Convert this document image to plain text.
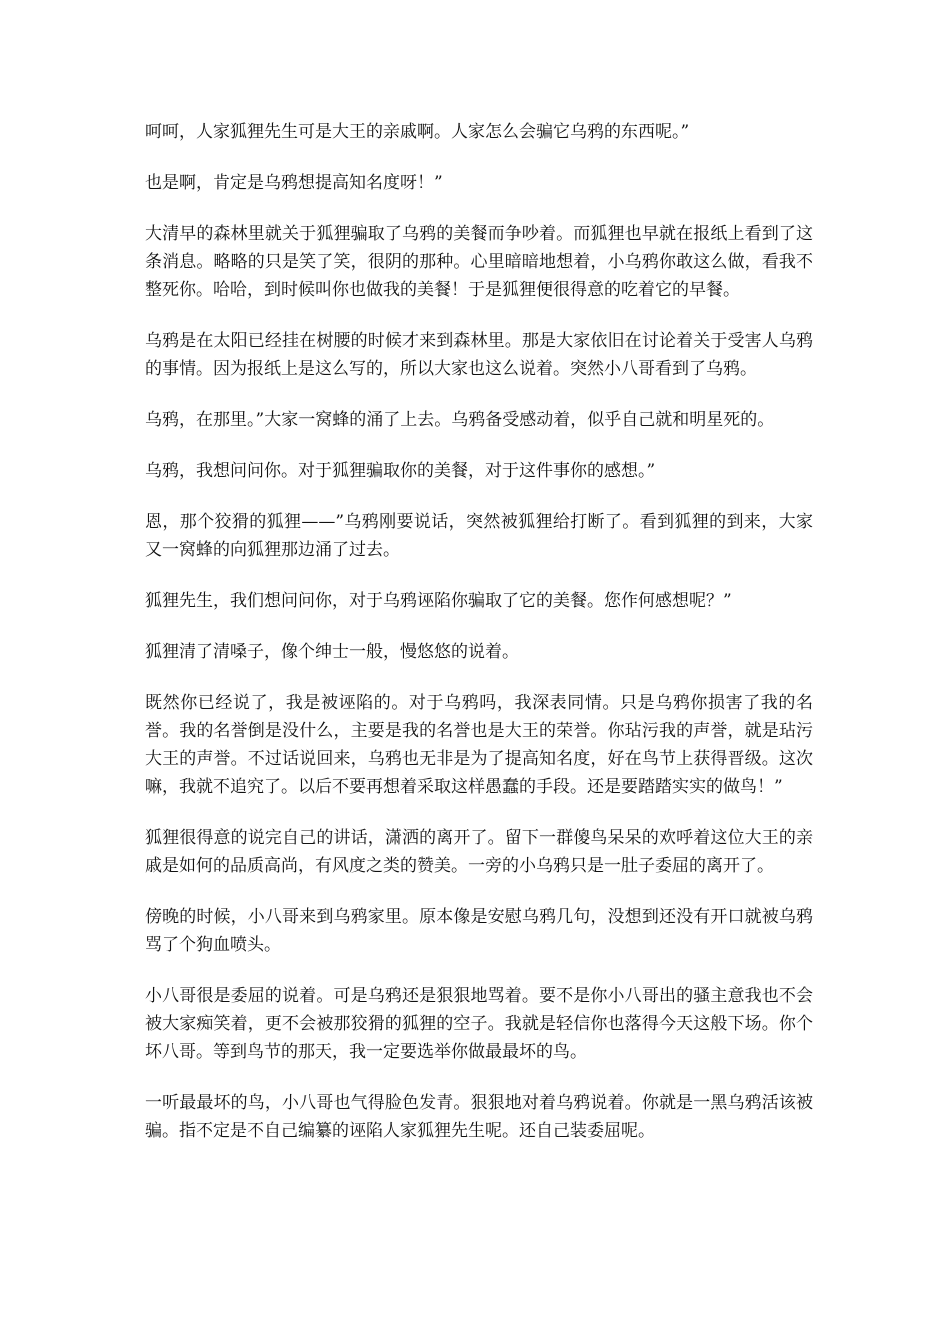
呵呵，人家狐狸先生可是大王的亲戚啊。人家怎么会骗它乌鸦的东西呢。”

也是啊，肯定是乌鸦想提高知名度呀！”

大清早的森林里就关于狐狸骗取了乌鸦的美餐而争吵着。而狐狸也早就在报纸上看到了这条消息。略略的只是笑了笑，很阴的那种。心里暗暗地想着，小乌鸦你敢这么做，看我不整死你。哈哈，到时候叫你也做我的美餐！于是狐狸便很得意的吃着它的早餐。

乌鸦是在太阳已经挂在树腰的时候才来到森林里。那是大家依旧在讨论着关于受害人乌鸦的事情。因为报纸上是这么写的，所以大家也这么说着。突然小八哥看到了乌鸦。

乌鸦，在那里。”大家一窝蜂的涌了上去。乌鸦备受感动着，似乎自己就和明星死的。

乌鸦，我想问问你。对于狐狸骗取你的美餐，对于这件事你的感想。”

恩，那个狡猾的狐狸——”乌鸦刚要说话，突然被狐狸给打断了。看到狐狸的到来，大家又一窝蜂的向狐狸那边涌了过去。

狐狸先生，我们想问问你，对于乌鸦诬陷你骗取了它的美餐。您作何感想呢？”

狐狸清了清嗓子，像个绅士一般，慢悠悠的说着。

既然你已经说了，我是被诬陷的。对于乌鸦吗，我深表同情。只是乌鸦你损害了我的名誉。我的名誉倒是没什么，主要是我的名誉也是大王的荣誉。你玷污我的声誉，就是玷污大王的声誉。不过话说回来，乌鸦也无非是为了提高知名度，好在鸟节上获得晋级。这次嘛，我就不追究了。以后不要再想着采取这样愚蠢的手段。还是要踏踏实实的做鸟！”

狐狸很得意的说完自己的讲话，潇洒的离开了。留下一群傻鸟呆呆的欢呼着这位大王的亲戚是如何的品质高尚，有风度之类的赞美。一旁的小乌鸦只是一肚子委屈的离开了。

傍晚的时候，小八哥来到乌鸦家里。原本像是安慰乌鸦几句，没想到还没有开口就被乌鸦骂了个狗血喷头。

小八哥很是委屈的说着。可是乌鸦还是狠狠地骂着。要不是你小八哥出的骚主意我也不会被大家痴笑着，更不会被那狡猾的狐狸的空子。我就是轻信你也落得今天这般下场。你个坏八哥。等到鸟节的那天，我一定要选举你做最最坏的鸟。

一听最最坏的鸟，小八哥也气得脸色发青。狠狠地对着乌鸦说着。你就是一黑乌鸦活该被骗。指不定是不自己编纂的诬陷人家狐狸先生呢。还自己装委屈呢。
